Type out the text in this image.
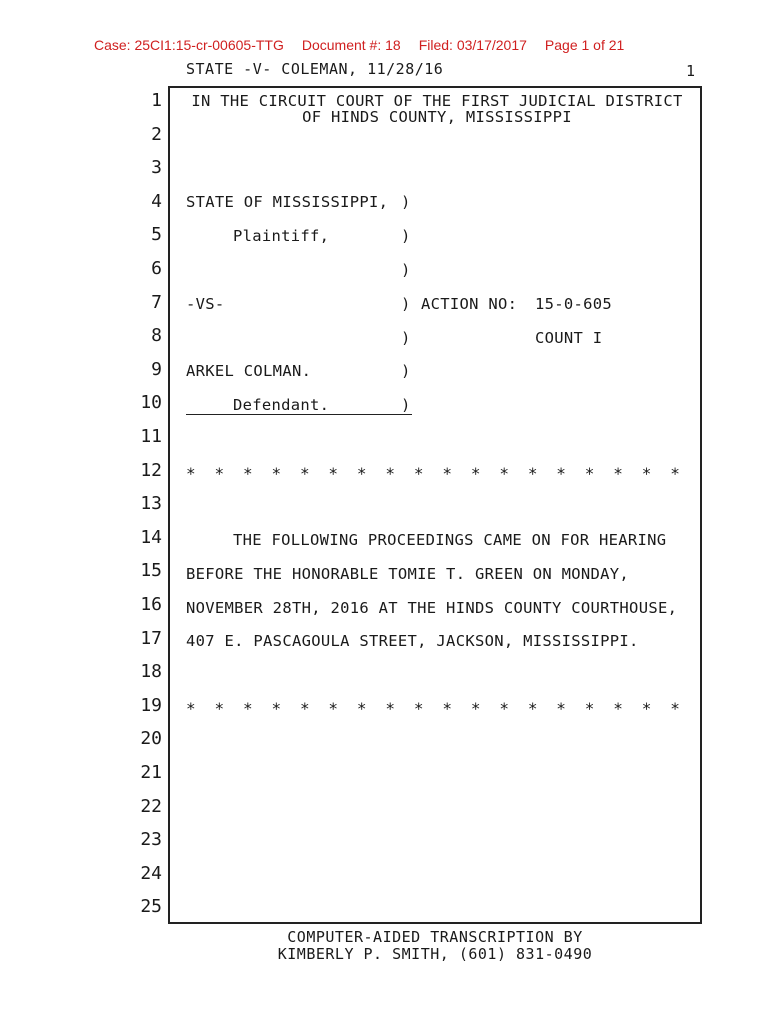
Case: 25CI1:15-cr-00605-TTG Document #: 18 Filed: 03/17/2017 Page 1 of 21
STATE -V- COLEMAN, 11/28/16	1
1
2
3
4
5
6
7
8
9
10
11
12
13
14
15
16
17
18
19
20
21
22
23
24
25
IN THE CIRCUIT COURT OF THE FIRST JUDICIAL DISTRICT
OF HINDS COUNTY, MISSISSIPPI
STATE OF MISSISSIPPI, )
Plaintiff,	)
)
-VS-	) ACTION NO: 15-0-605
)	COUNT I
ARKEL COLMAN.	)
Defendant.	)
* * * * * * * * * * * * * * * * * *
THE FOLLOWING PROCEEDINGS CAME ON FOR HEARING
BEFORE THE HONORABLE TOMIE T. GREEN ON MONDAY,
NOVEMBER 28TH, 2016 AT THE HINDS COUNTY COURTHOUSE,
407 E. PASCAGOULA STREET, JACKSON, MISSISSIPPI.
* * * * * * * * * * * * * * * * * *
COMPUTER-AIDED TRANSCRIPTION BY
KIMBERLY P. SMITH, (601) 831-0490
